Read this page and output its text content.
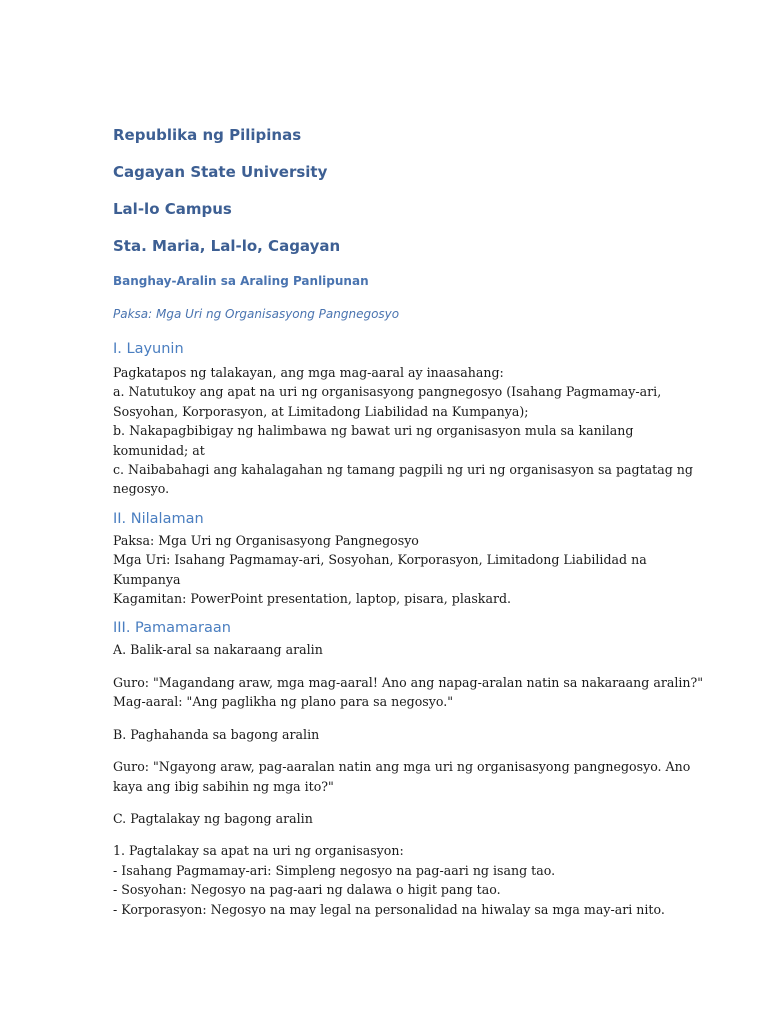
Republika ng Pilipinas

Cagayan State University

Lal-lo Campus

Sta. Maria, Lal-lo, Cagayan

Banghay-Aralin sa Araling Panlipunan

Paksa: Mga Uri ng Organisasyong Pangnegosyo

I. Layunin

Pagkatapos ng talakayan, ang mga mag-aaral ay inaasahang:
a. Natutukoy ang apat na uri ng organisasyong pangnegosyo (Isahang Pagmamay-ari,
Sosyohan, Korporasyon, at Limitadong Liabilidad na Kumpanya);
b. Nakapagbibigay ng halimbawa ng bawat uri ng organisasyon mula sa kanilang
komunidad; at
c. Naibabahagi ang kahalagahan ng tamang pagpili ng uri ng organisasyon sa pagtatag ng
negosyo.

II. Nilalaman

Paksa: Mga Uri ng Organisasyong Pangnegosyo
Mga Uri: Isahang Pagmamay-ari, Sosyohan, Korporasyon, Limitadong Liabilidad na
Kumpanya
Kagamitan: PowerPoint presentation, laptop, pisara, plaskard.

III. Pamamaraan

A. Balik-aral sa nakaraang aralin

Guro: "Magandang araw, mga mag-aaral! Ano ang napag-aralan natin sa nakaraang aralin?"
Mag-aaral: "Ang paglikha ng plano para sa negosyo."

B. Paghahanda sa bagong aralin

Guro: "Ngayong araw, pag-aaralan natin ang mga uri ng organisasyong pangnegosyo. Ano
kaya ang ibig sabihin ng mga ito?"

C. Pagtalakay ng bagong aralin

1. Pagtalakay sa apat na uri ng organisasyon:
- Isahang Pagmamay-ari: Simpleng negosyo na pag-aari ng isang tao.
- Sosyohan: Negosyo na pag-aari ng dalawa o higit pang tao.
- Korporasyon: Negosyo na may legal na personalidad na hiwalay sa mga may-ari nito.
